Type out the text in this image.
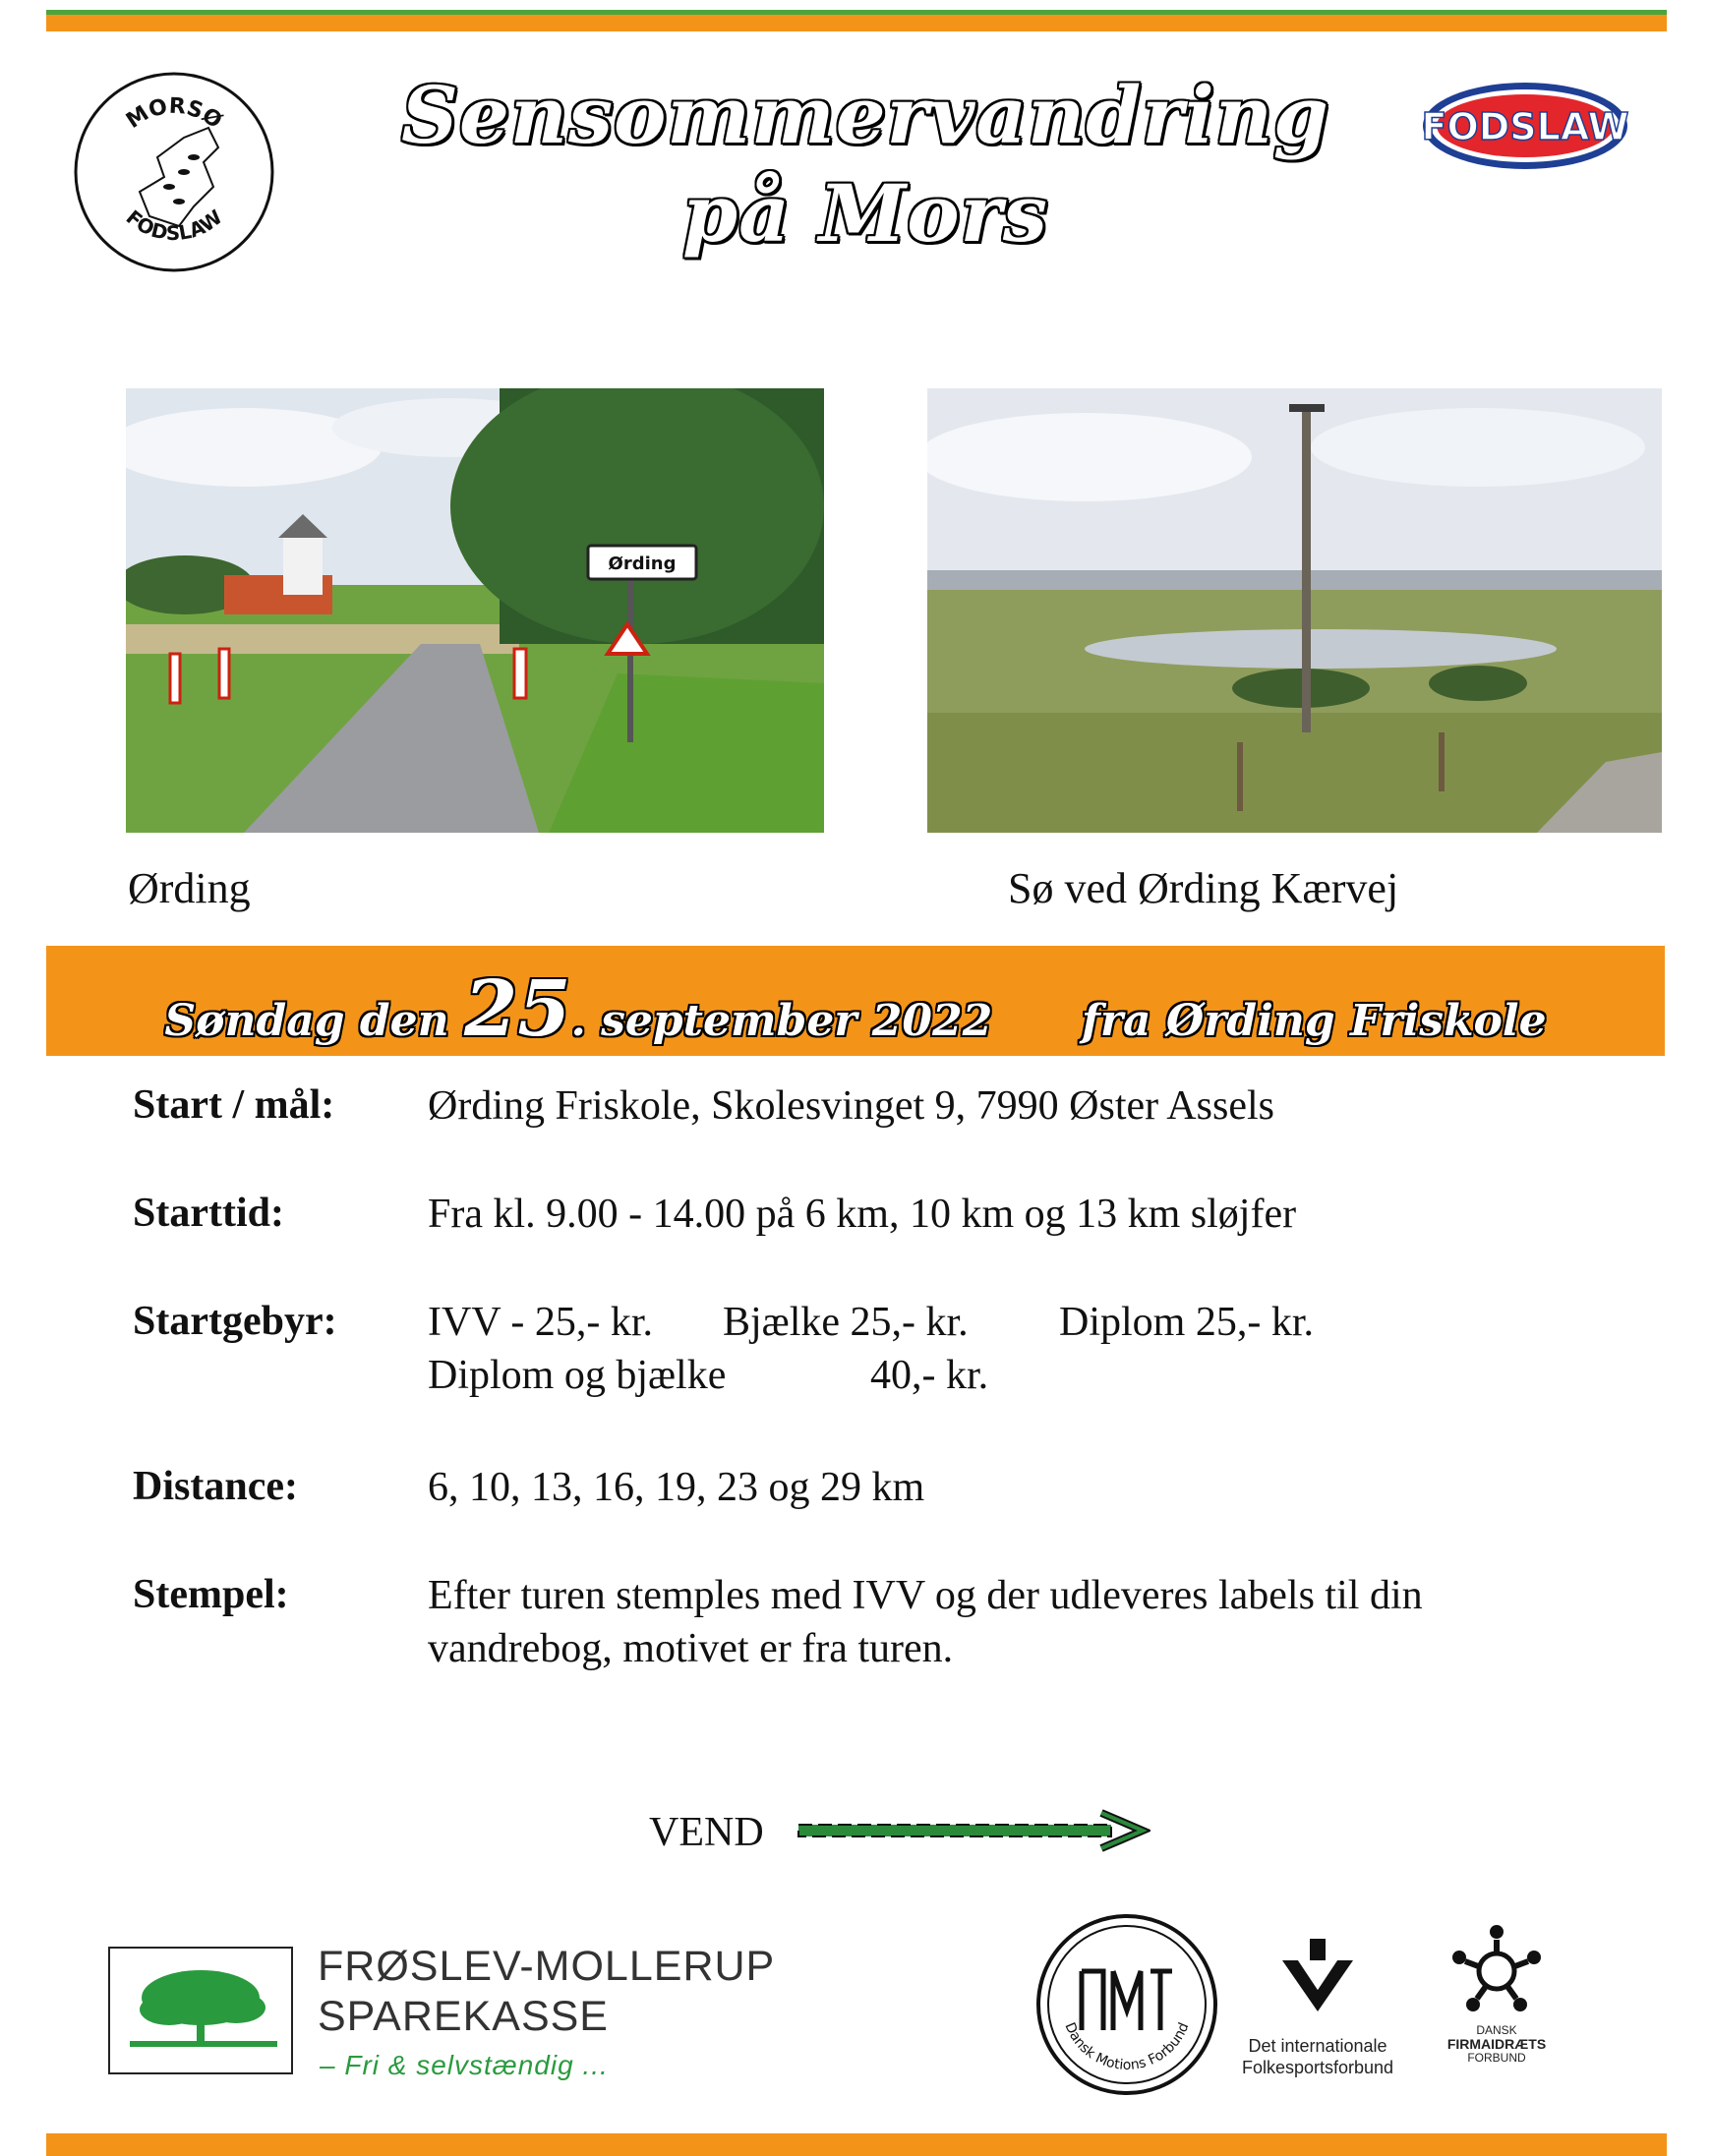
MORSØ
FODSLAW
Sensommervandring
på Mors
FODSLAW
Ørding
Ørding	Sø ved Ørding Kærvej
Søndag den 25. september 2022 fra Ørding Friskole
Start / mål: Ørding Friskole, Skolesvinget 9, 7990 Øster Assels
Starttid:	Fra kl. 9.00 - 14.00 på 6 km, 10 km og 13 km sløjfer
Startgebyr: IVV - 25,- kr. Bjælke 25,- kr. Diplom 25,- kr.
Diplom og bjælke	40,- kr.
Distance:	6, 10, 13, 16, 19, 23 og 29 km
Stempel:	Efter turen stemples med IVV og der udleveres labels til din
vandrebog, motivet er fra turen.
VEND
FRØSLEV-MOLLERUP
SPAREKASSE
– Fri & selvstændig ...
Dansk Motions Forbund
Det internationale
Folkesportsforbund
DANSK
FIRMAIDRÆTS
FORBUND
